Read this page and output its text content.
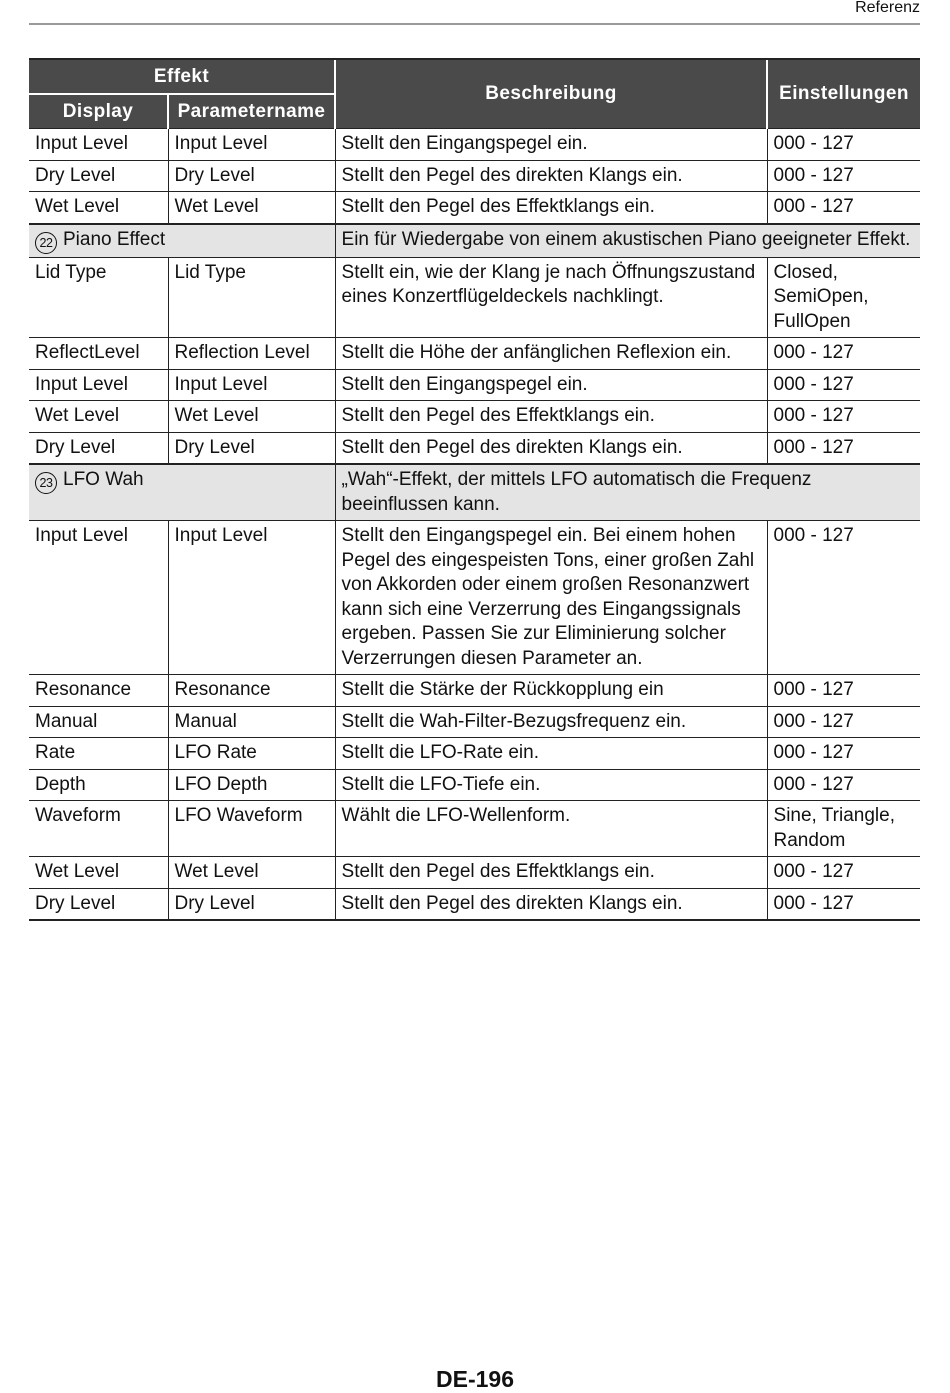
Referenz
Effekt		Beschreibung	Einstellungen
Display	Parametername		
Input Level	Input Level	Stellt den Eingangspegel ein.	000 - 127
Dry Level	Dry Level	Stellt den Pegel des direkten Klangs ein.	000 - 127
Wet Level	Wet Level	Stellt den Pegel des Effektklangs ein.	000 - 127
22 Piano Effect		Ein für Wiedergabe von einem akustischen Piano geeigneter Effekt.	
Lid Type	Lid Type	Stellt ein, wie der Klang je nach Öffnungszustand eines Konzertflügeldeckels nachklingt.	Closed, SemiOpen, FullOpen
ReflectLevel	Reflection Level	Stellt die Höhe der anfänglichen Reflexion ein.	000 - 127
Input Level	Input Level	Stellt den Eingangspegel ein.	000 - 127
Wet Level	Wet Level	Stellt den Pegel des Effektklangs ein.	000 - 127
Dry Level	Dry Level	Stellt den Pegel des direkten Klangs ein.	000 - 127
23 LFO Wah		„Wah“-Effekt, der mittels LFO automatisch die Frequenz beeinflussen kann.	
Input Level	Input Level	Stellt den Eingangspegel ein. Bei einem hohen Pegel des eingespeisten Tons, einer großen Zahl von Akkorden oder einem großen Resonanzwert kann sich eine Verzerrung des Eingangssignals ergeben. Passen Sie zur Eliminierung solcher Verzerrungen diesen Parameter an.	000 - 127
Resonance	Resonance	Stellt die Stärke der Rückkopplung ein	000 - 127
Manual	Manual	Stellt die Wah-Filter-Bezugsfrequenz ein.	000 - 127
Rate	LFO Rate	Stellt die LFO-Rate ein.	000 - 127
Depth	LFO Depth	Stellt die LFO-Tiefe ein.	000 - 127
Waveform	LFO Waveform	Wählt die LFO-Wellenform.	Sine, Triangle, Random
Wet Level	Wet Level	Stellt den Pegel des Effektklangs ein.	000 - 127
Dry Level	Dry Level	Stellt den Pegel des direkten Klangs ein.	000 - 127
DE-196
